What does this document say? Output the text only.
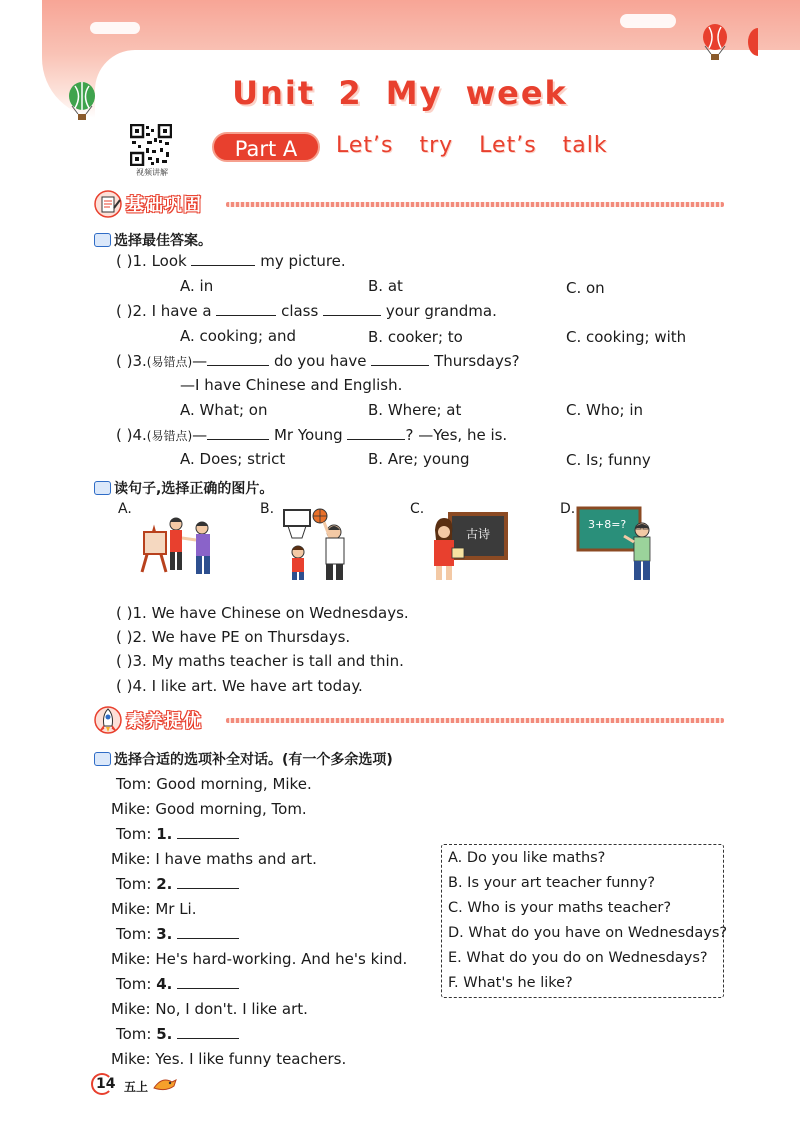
Unit 2 My week
视频讲解
Part A	Let’s try Let’s talk
基础巩固
选择最佳答案。
( )1. Look	my picture.
A. in	B. at	C. on
( )2. I have a	class	your grandma.
A. cooking; and	B. cooker; to	C. cooking; with
( )3.(易错点)—	do you have	Thursdays?
—I have Chinese and English.
A. What; on	B. Where; at	C. Who; in
( )4.(易错点)—	Mr Young	? —Yes, he is.
A. Does; strict	B. Are; young	C. Is; funny
读句子,选择正确的图片。
A.	B.	C.	D.
古诗
3+8=?
( )1. We have Chinese on Wednesdays.
( )2. We have PE on Thursdays.
( )3. My maths teacher is tall and thin.
( )4. I like art. We have art today.
素养提优
选择合适的选项补全对话。(有一个多余选项)
Tom: Good morning, Mike.
Mike: Good morning, Tom.
Tom: 1.
Mike: I have maths and art.
Tom: 2.
Mike: Mr Li.
Tom: 3.
Mike: He's hard-working. And he's kind.
Tom: 4.
Mike: No, I don't. I like art.
Tom: 5.
Mike: Yes. I like funny teachers.
A. Do you like maths?
B. Is your art teacher funny?
C. Who is your maths teacher?
D. What do you have on Wednesdays?
E. What do you do on Wednesdays?
F. What's he like?
14 五上
